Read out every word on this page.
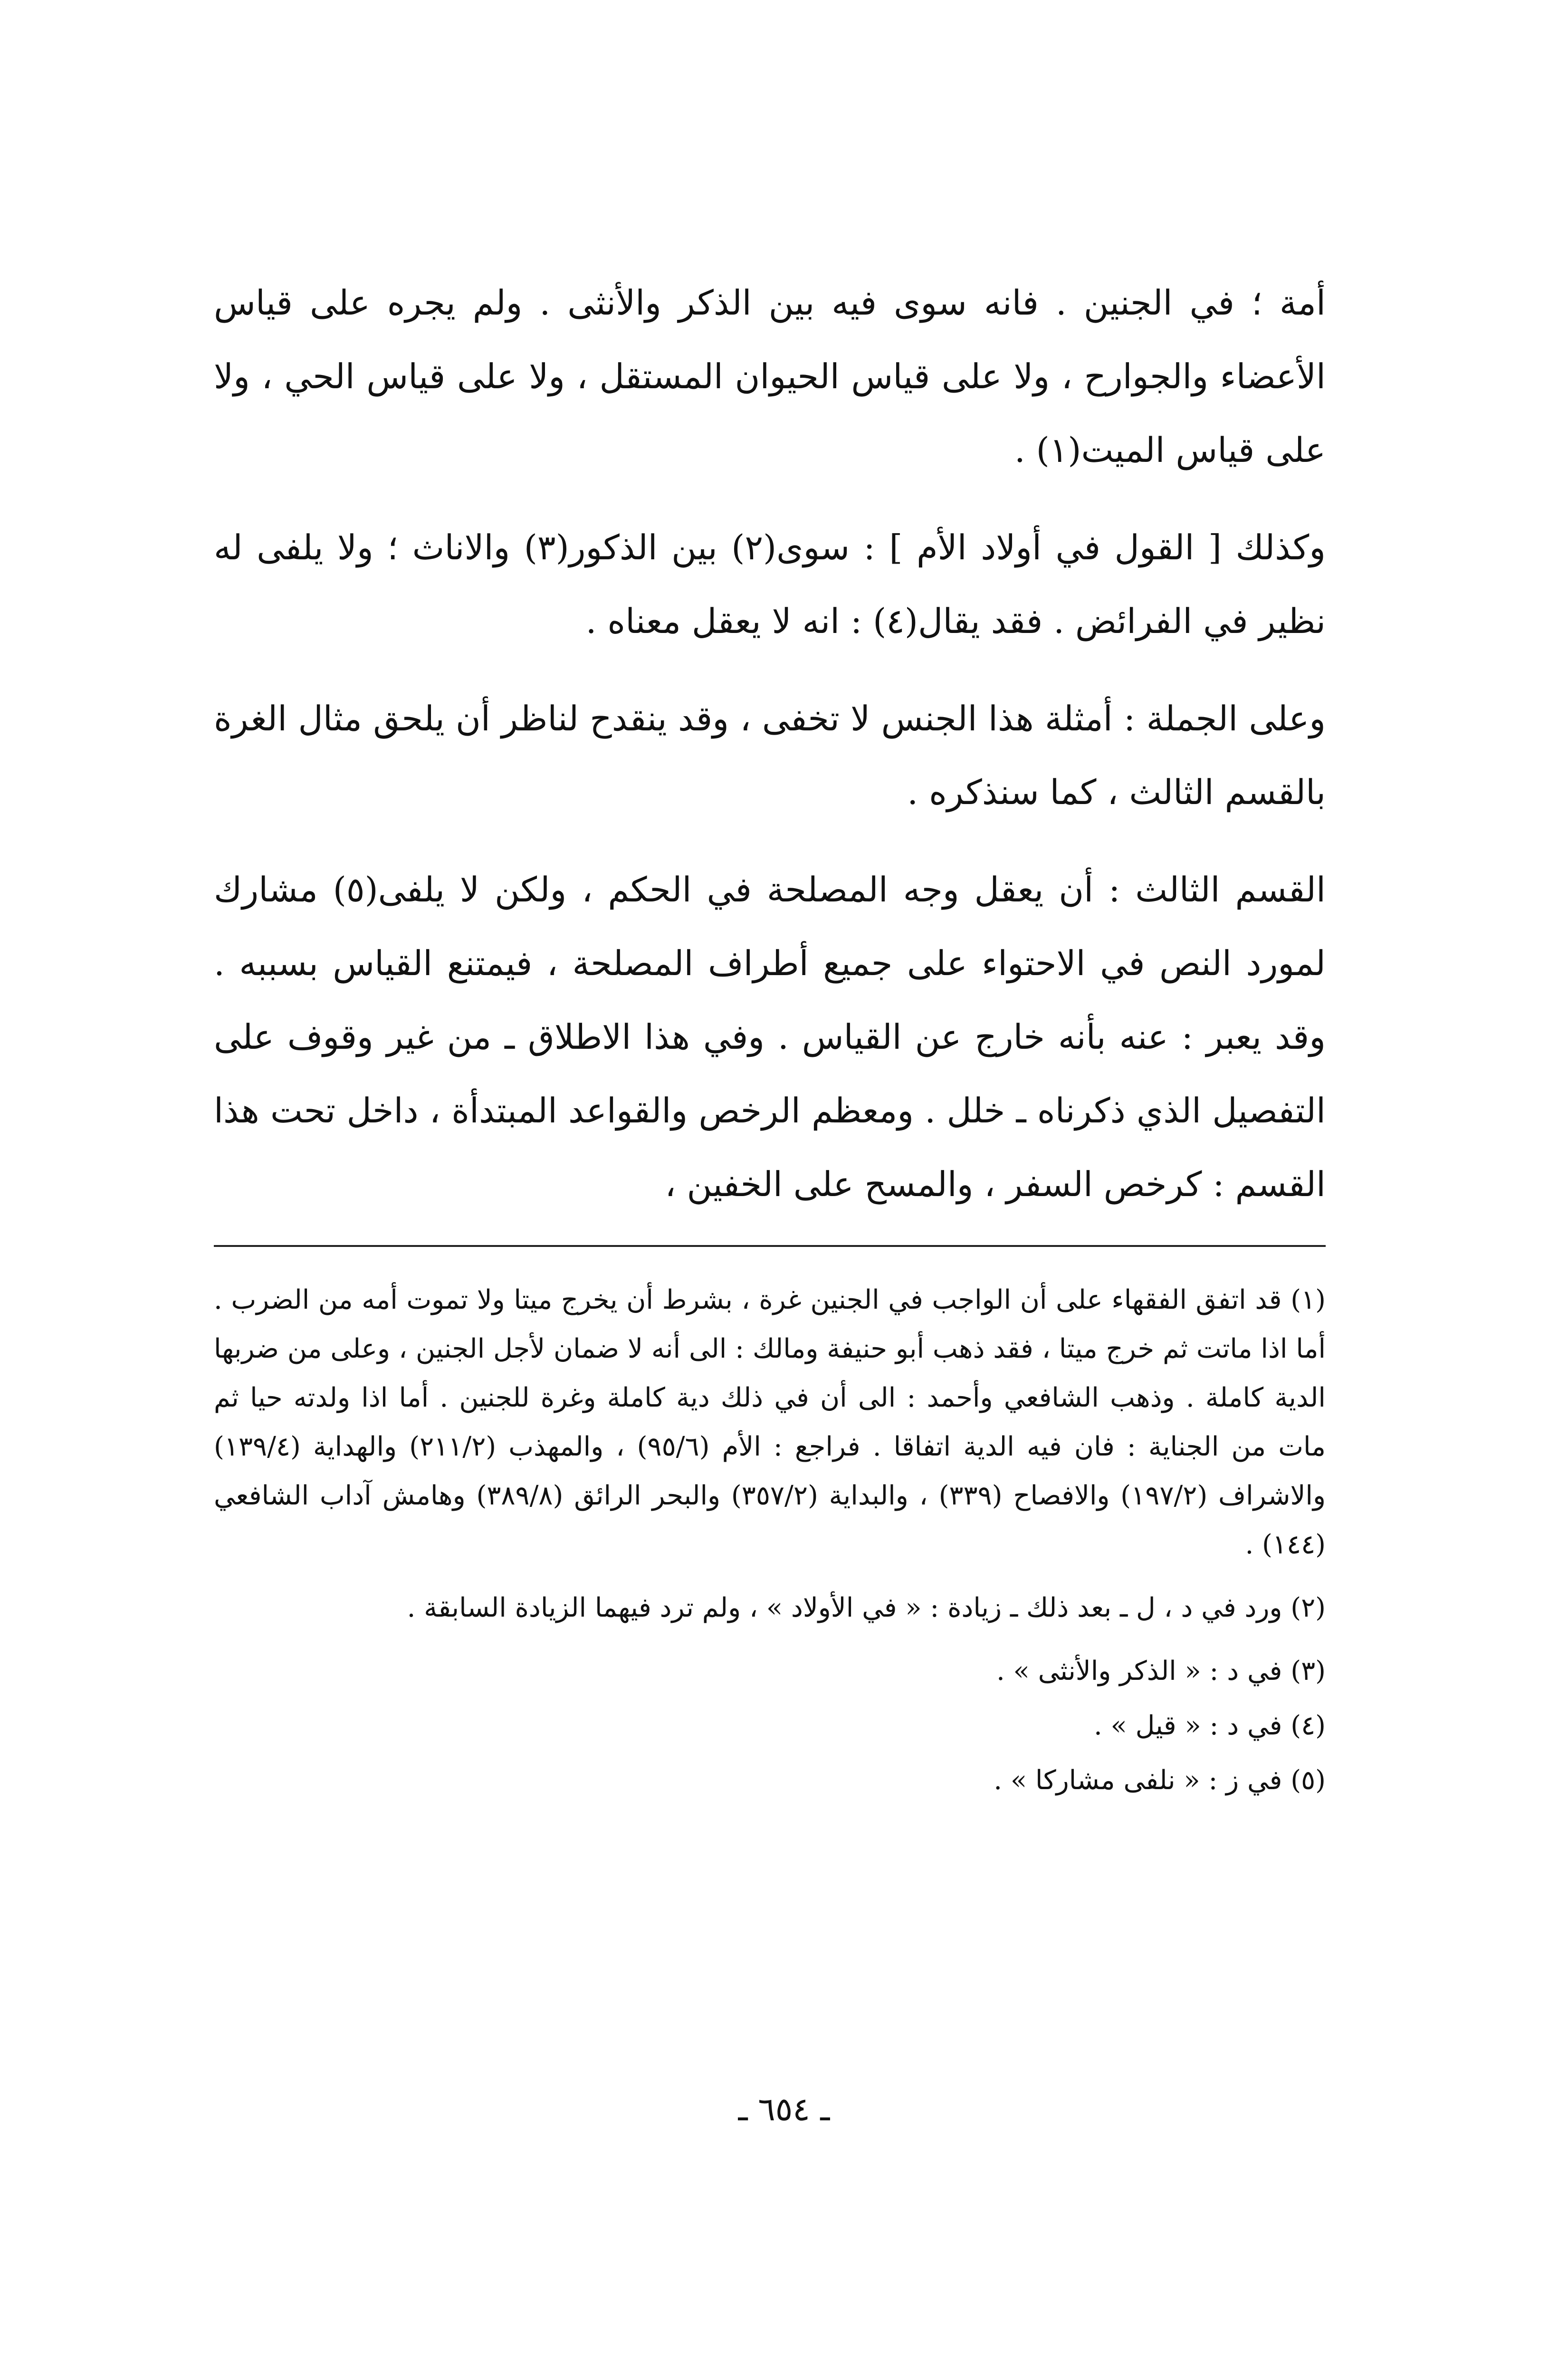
أمة ؛ في الجنين . فانه سوى فيه بين الذكر والأنثى . ولم يجره على قياس الأعضاء والجوارح ، ولا على قياس الحيوان المستقل ، ولا على قياس الحي ، ولا على قياس الميت(١) .

وكذلك [ القول في أولاد الأم ] : سوى(٢) بين الذكور(٣) والاناث ؛ ولا يلفى له نظير في الفرائض . فقد يقال(٤) : انه لا يعقل معناه .

وعلى الجملة : أمثلة هذا الجنس لا تخفى ، وقد ينقدح لناظر أن يلحق مثال الغرة بالقسم الثالث ، كما سنذكره .

القسم الثالث : أن يعقل وجه المصلحة في الحكم ، ولكن لا يلفى(٥) مشارك لمورد النص في الاحتواء على جميع أطراف المصلحة ، فيمتنع القياس بسببه . وقد يعبر : عنه بأنه خارج عن القياس . وفي هذا الاطلاق ـ من غير وقوف على التفصيل الذي ذكرناه ـ خلل . ومعظم الرخص والقواعد المبتدأة ، داخل تحت هذا القسم : كرخص السفر ، والمسح على الخفين ،

(١) قد اتفق الفقهاء على أن الواجب في الجنين غرة ، بشرط أن يخرج ميتا ولا تموت أمه من الضرب . أما اذا ماتت ثم خرج ميتا ، فقد ذهب أبو حنيفة ومالك : الى أنه لا ضمان لأجل الجنين ، وعلى من ضربها الدية كاملة . وذهب الشافعي وأحمد : الى أن في ذلك دية كاملة وغرة للجنين . أما اذا ولدته حيا ثم مات من الجناية : فان فيه الدية اتفاقا . فراجع : الأم (٩٥/٦) ، والمهذب (٢١١/٢) والهداية (١٣٩/٤) والاشراف (١٩٧/٢) والافصاح (٣٣٩) ، والبداية (٣٥٧/٢) والبحر الرائق (٣٨٩/٨) وهامش آداب الشافعي (١٤٤) .

(٢) ورد في د ، ل ـ بعد ذلك ـ زيادة : « في الأولاد » ، ولم ترد فيهما الزيادة السابقة .

(٣) في د : « الذكر والأنثى » .

(٤) في د : « قيل » .

(٥) في ز : « نلفى مشاركا » .

ـ ٦٥٤ ـ
